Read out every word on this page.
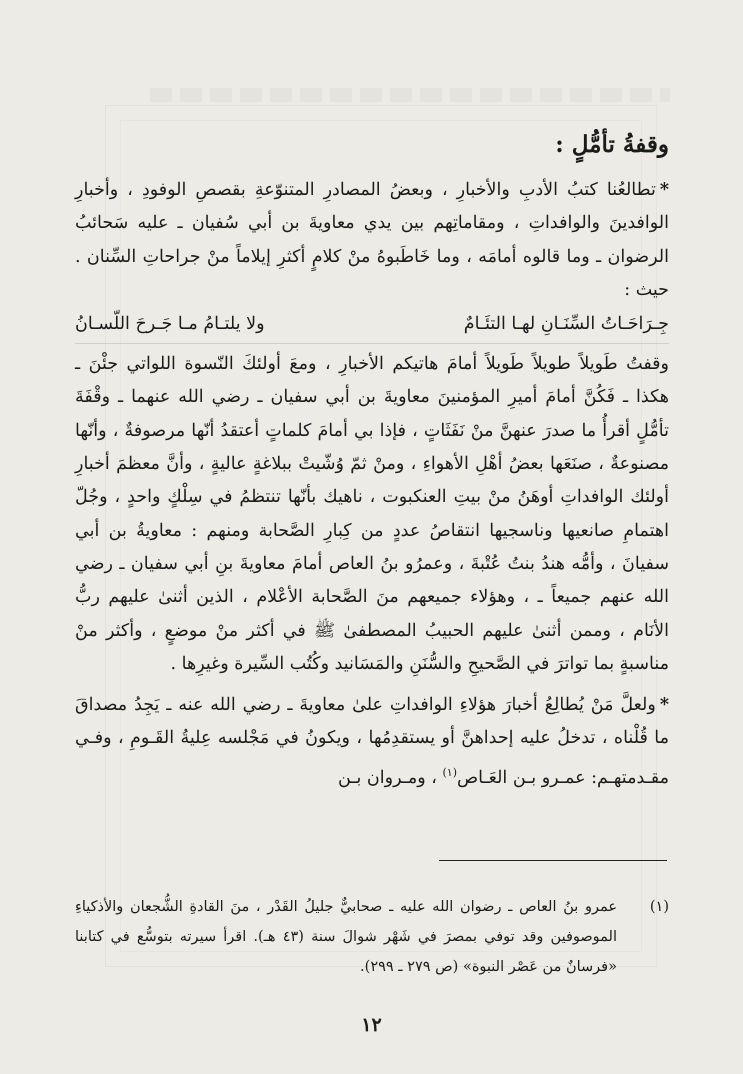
وقفةُ تأمُّلٍ :

*تطالعُنا كتبُ الأدبِ والأخبارِ ، وبعضُ المصادرِ المتنوّعةِ بقصصِ الوفودِ ، وأخبارِ الوافدينَ والوافداتِ ، ومقاماتِهم بين يدي معاويةَ بن أبي سُفيان ـ عليه سَحائبُ الرضوان ـ وما قالوه أمامَه ، وما خَاطَبوهُ منْ كلامٍ أكثرِ إيلاماً منْ جراحاتِ السِّنان . حيث :

جِـرَاحَـاتُ السِّنَـانِ لهـا التئَـامٌ
ولا يلتـامُ مـا جَـرحَ اللّسـانُ

وقفتُ طَويلاً طويلاً طَويلاً أمامَ هاتيكم الأخبارِ ، ومعَ أولئكَ النّسوة اللواتي جئْنَ ـ هكذا ـ فَكُنَّ أمامَ أميرِ المؤمنينَ معاويةَ بن أبي سفيان ـ رضي الله عنهما ـ وقْفَةَ تأمُّلٍ أقرأُ ما صدرَ عنهنَّ منْ نَفَثَاتٍ ، فإذا بي أمامَ كلماتٍ أعتقدُ أنّها مرصوفةٌ ، وأنّها مصنوعةٌ ، صنَعَها بعضُ أهْلِ الأهواءِ ، ومنْ ثمّ وُشّيتْ ببلاغةٍ عاليةٍ ، وأنَّ معظمَ أخبارِ أولئك الوافداتِ أوهَنُ منْ بيتِ العنكبوت ، ناهيك بأنّها تنتظمُ في سِلْكٍ واحدٍ ، وجُلّ اهتمامِ صانعيها وناسجيها انتقاصُ عددٍ من كِبارِ الصَّحابة ومنهم : معاويةُ بن أبي سفيانَ ، وأمُّه هندُ بنتُ عُتْبةَ ، وعمرُو بنُ العاص أمامَ معاويةَ بنِ أبي سفيان ـ رضي الله عنهم جميعاً ـ ، وهؤلاء جميعهم منَ الصَّحابة الأعْلام ، الذين أثنىٰ عليهم ربُّ الأنَام ، وممن أثنىٰ عليهم الحبيبُ المصطفىٰ ﷺ في أكثر منْ موضعٍ ، وأكثر منْ مناسبةٍ بما تواترَ في الصَّحيحِ والسُّنَنِ والمَسَانيد وكُتُب السِّيرة وغيرِها .

*ولعلَّ مَنْ يُطالِعُ أخبارَ هؤلاءِ الوافداتِ علىٰ معاويةَ ـ رضي الله عنه ـ يَجِدُ مصداقَ ما قُلْناه ، تدخلُ عليه إحداهنَّ أو يستقدِمُها ، ويكونُ في مَجْلسه عِليةُ القَـومِ ، وفـي مقـدمتهـم: عمـرو بـن العَـاص$^{(١)}$ ، ومـروان بـن

(١)
عمرو بنُ العاص ـ رضوان الله عليه ـ صحابيٌّ جليلُ القَدْر ، منَ القادةِ الشُّجعان والأذكياءِ الموصوفين وقد توفي بمصرَ في شَهْر شوالَ سنة (٤٣ هـ). اقرأ سيرته بتوسُّع في كتابنا «فرسانٌ من عَصْر النبوة» (ص ٢٧٩ ـ ٢٩٩).
١٢
